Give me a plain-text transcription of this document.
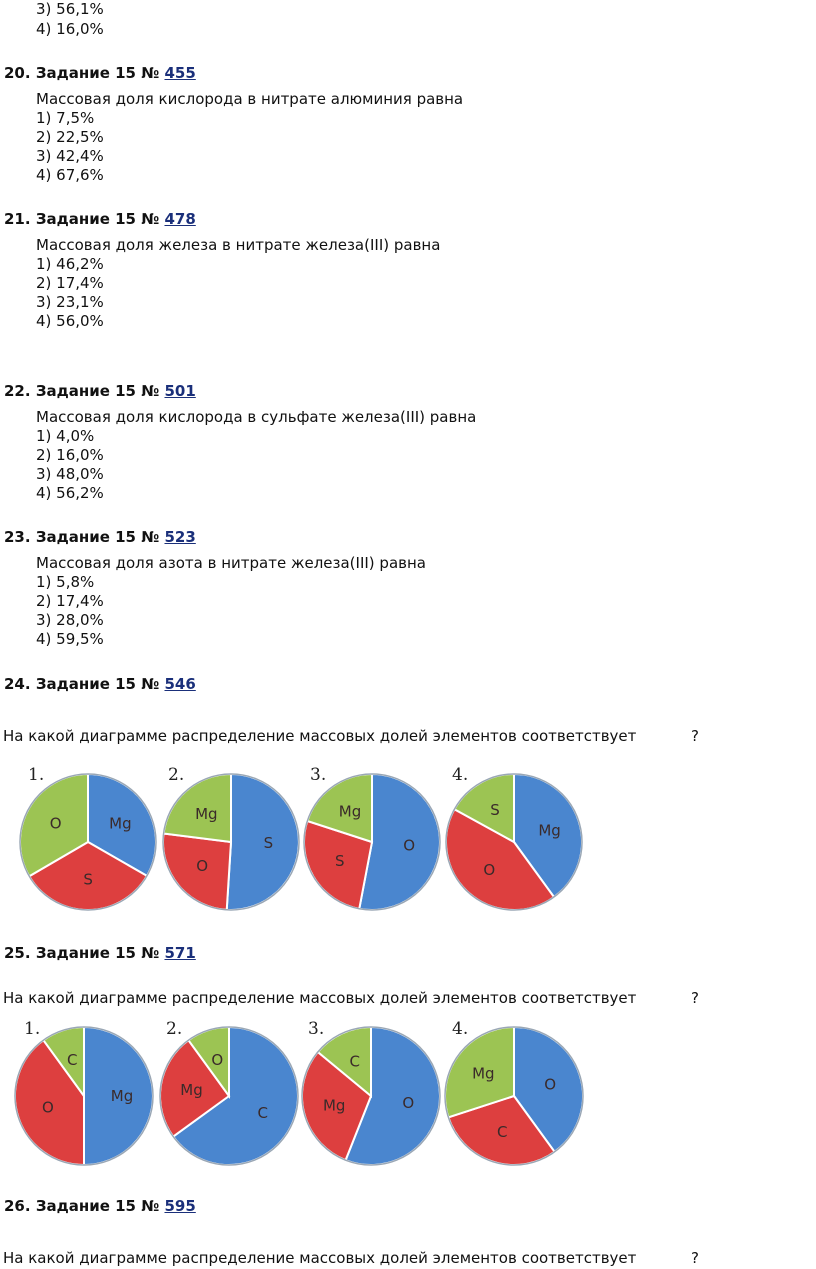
3) 56,1%
4) 16,0%
20. Задание 15 № 455
Массовая доля кислорода в нитрате алюминия равна
1) 7,5%
2) 22,5%
3) 42,4%
4) 67,6%
21. Задание 15 № 478
Массовая доля железа в нитрате железа(III) равна
1) 46,2%
2) 17,4%
3) 23,1%
4) 56,0%
22. Задание 15 № 501
Массовая доля кислорода в сульфате железа(III) равна
1) 4,0%
2) 16,0%
3) 48,0%
4) 56,2%
23. Задание 15 № 523
Массовая доля азота в нитрате железа(III) равна
1) 5,8%
2) 17,4%
3) 28,0%
4) 59,5%
24. Задание 15 № 546
На какой диаграмме распределение массовых долей элементов соответствует	?
1.
Mg
S
O
2.
S
O
Mg
3.
O
S
Mg
4.
Mg
O
S
25. Задание 15 № 571
На какой диаграмме распределение массовых долей элементов соответствует	?
1.
Mg
O
C
2.
C
Mg
O
3.
O
Mg
C
4.
O
C
Mg
26. Задание 15 № 595
На какой диаграмме распределение массовых долей элементов соответствует	?
